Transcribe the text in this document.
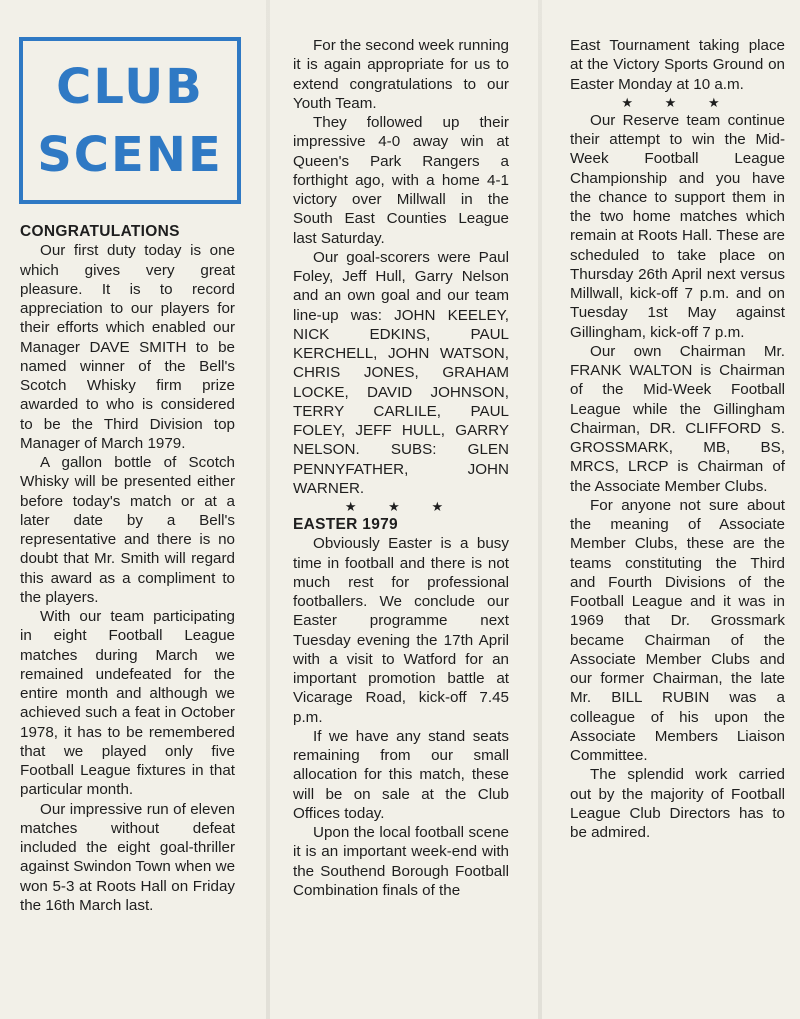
CLUB
SCENE
CONGRATULATIONS

Our first duty today is one which gives very great pleasure. It is to record appreciation to our players for their efforts which enabled our Manager DAVE SMITH to be named winner of the Bell's Scotch Whisky firm prize awarded to who is considered to be the Third Division top Manager of March 1979.

A gallon bottle of Scotch Whisky will be presented either before today's match or at a later date by a Bell's representative and there is no doubt that Mr. Smith will regard this award as a compliment to the players.

With our team participating in eight Football League matches during March we remained undefeated for the entire month and although we achieved such a feat in October 1978, it has to be remembered that we played only five Football League fixtures in that particular month.

Our impressive run of eleven matches without defeat included the eight goal-thriller against Swindon Town when we won 5-3 at Roots Hall on Friday the 16th March last.

For the second week running it is again appropriate for us to extend congratulations to our Youth Team.

They followed up their impressive 4-0 away win at Queen's Park Rangers a forthight ago, with a home 4-1 victory over Millwall in the South East Counties League last Saturday.

Our goal-scorers were Paul Foley, Jeff Hull, Garry Nelson and an own goal and our team line-up was: JOHN KEELEY, NICK EDKINS, PAUL KERCHELL, JOHN WATSON, CHRIS JONES, GRAHAM LOCKE, DAVID JOHNSON, TERRY CARLILE, PAUL FOLEY, JEFF HULL, GARRY NELSON. SUBS: GLEN PENNYFATHER, JOHN WARNER.

★ ★ ★
EASTER 1979

Obviously Easter is a busy time in football and there is not much rest for professional footballers. We conclude our Easter programme next Tuesday evening the 17th April with a visit to Watford for an important promotion battle at Vicarage Road, kick-off 7.45 p.m.

If we have any stand seats remaining from our small allocation for this match, these will be on sale at the Club Offices today.

Upon the local football scene it is an important week-end with the Southend Borough Football Combination finals of the

East Tournament taking place at the Victory Sports Ground on Easter Monday at 10 a.m.

★ ★ ★

Our Reserve team continue their attempt to win the Mid-Week Football League Championship and you have the chance to support them in the two home matches which remain at Roots Hall. These are scheduled to take place on Thursday 26th April next versus Millwall, kick-off 7 p.m. and on Tuesday 1st May against Gillingham, kick-off 7 p.m.

Our own Chairman Mr. FRANK WALTON is Chairman of the Mid-Week Football League while the Gillingham Chairman, DR. CLIFFORD S. GROSSMARK, MB, BS, MRCS, LRCP is Chairman of the Associate Member Clubs.

For anyone not sure about the meaning of Associate Member Clubs, these are the teams constituting the Third and Fourth Divisions of the Football League and it was in 1969 that Dr. Grossmark became Chairman of the Associate Member Clubs and our former Chairman, the late Mr. BILL RUBIN was a colleague of his upon the Associate Members Liaison Committee.

The splendid work carried out by the majority of Football League Club Directors has to be admired.
